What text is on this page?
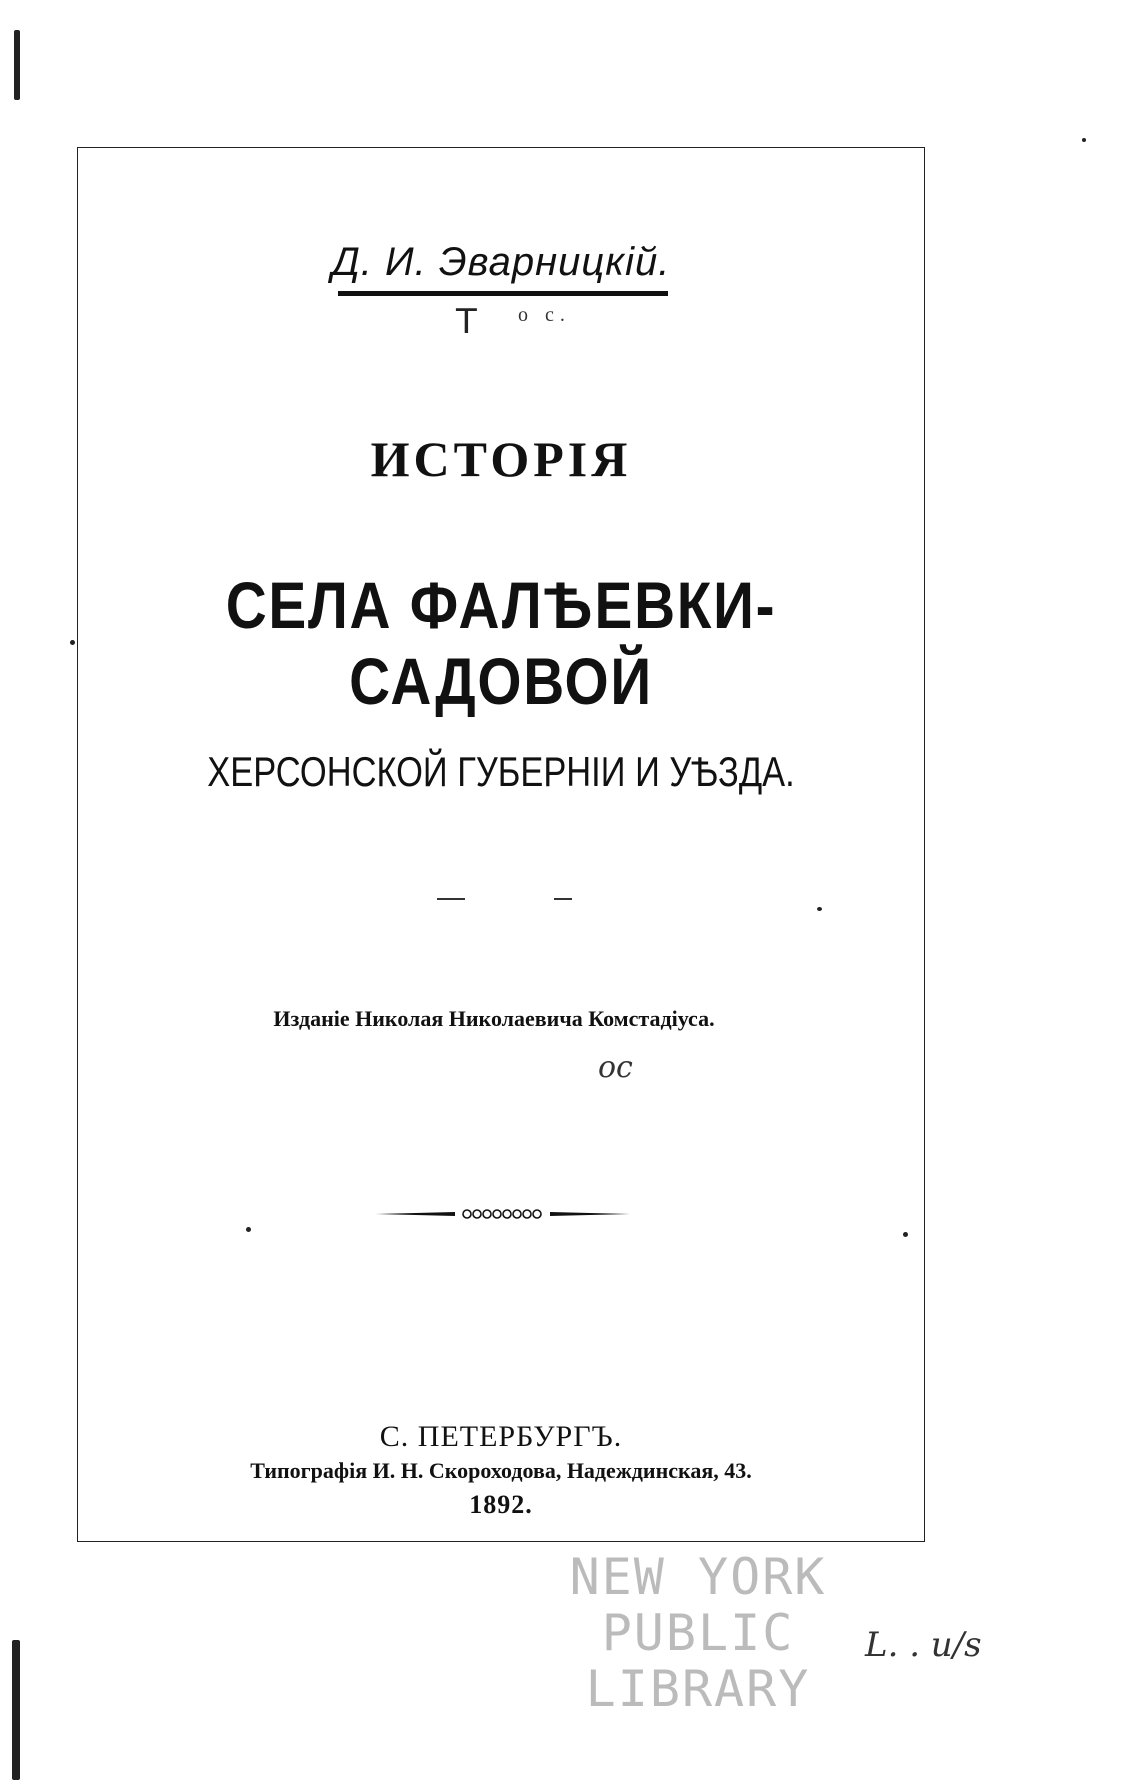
Д. И. Эварницкій.
Т о с.
ИСТОРІЯ
СЕЛА ФАЛѢЕВКИ-САДОВОЙ
ХЕРСОНСКОЙ ГУБЕРНІИ И УѢЗДА.
Изданіе Николая Николаевича Комстадіуса.
ос
С. ПЕТЕРБУРГЪ.
Типографія И. Н. Скороходова, Надеждинская, 43.
1892.
NEW YORK
PUBLIC
LIBRARY
L. . u/s
